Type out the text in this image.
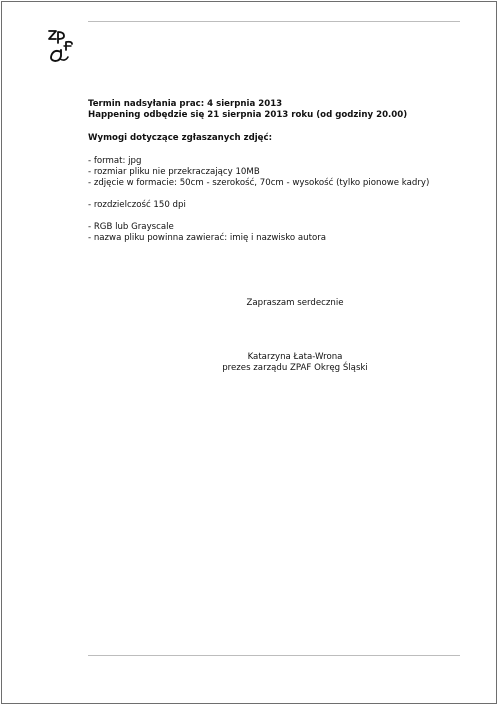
Termin nadsyłania prac: 4 sierpnia 2013
Happening odbędzie się 21 sierpnia 2013 roku (od godziny 20.00)
Wymogi dotyczące zgłaszanych zdjęć:
- format: jpg
- rozmiar pliku nie przekraczający 10MB
- zdjęcie w formacie: 50cm - szerokość, 70cm - wysokość (tylko pionowe kadry)
- rozdzielczość 150 dpi
- RGB lub Grayscale
- nazwa pliku powinna zawierać: imię i nazwisko autora
Zapraszam serdecznie
Katarzyna Łata-Wrona
prezes zarządu ZPAF Okręg Śląski
